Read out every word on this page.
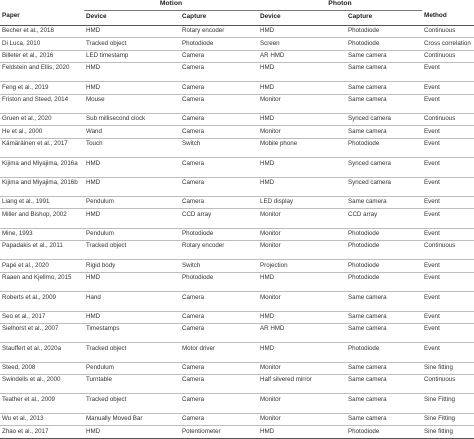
	Motion		Photon		
Paper	Device	Capture	Device	Capture	Method
Becher et al., 2018	HMD	Rotary encoder	HMD	Photodiode	Continuous
Di Luca, 2010	Tracked object	Photodiode	Screen	Photodiode	Cross correlation
Billeter et al., 2016	LED timestamp	Camera	AR HMD	Same camera	Continuous
Feldstein and Ellis, 2020	HMD	Camera	HMD	Same camera	Event
Feng et al., 2019	HMD	Camera	HMD	Same camera	Event
Friston and Steed, 2014	Mouse	Camera	Monitor	Same camera	Event
Gruen et al., 2020	Sub millisecond clock	Camera	HMD	Synced camera	Continuous
He et al., 2000	Wand	Camera	Monitor	Same camera	Event
Kämäräinen et al., 2017	Touch	Switch	Mobile phone	Photodiode	Event
Kijima and Miyajima, 2016a	HMD	Camera	HMD	Synced camera	Event
Kijima and Miyajima, 2016b	HMD	Camera	HMD	Synced camera	Event
Liang et al., 1991	Pendulum	Camera	LED display	Same camera	Event
Miller and Bishop, 2002	HMD	CCD array	Monitor	CCD array	Event
Mine, 1993	Pendulum	Photodiode	Monitor	Photodiode	Event
Papadakis et al., 2011	Tracked object	Rotary encoder	Monitor	Photodiode	Continuous
Papé et al., 2020	Rigid body	Switch	Projection	Photodiode	Event
Raaen and Kjellmo, 2015	HMD	Photodiode	HMD	Photodiode	Event
Roberts et al., 2009	Hand	Camera	Monitor	Same camera	Event
Seo et al., 2017	HMD	Camera	HMD	Same camera	Event
Sielhorst et al., 2007	Timestamps	Camera	AR HMD	Same camera	Event
Stauffert et al., 2020a	Tracked object	Motor driver	HMD	Photodiode	Event
Steed, 2008	Pendulum	Camera	Monitor	Same camera	Sine fitting
Swindells et al., 2000	Turntable	Camera	Half silvered mirror	Same camera	Continuous
Teather et al., 2009	Tracked object	Camera	Monitor	Same camera	Sine Fitting
Wu et al., 2013	Manually Moved Bar	Camera	Monitor	Same camera	Sine Fitting
Zhao et al., 2017	HMD	Potentiometer	HMD	Photodiode	Sine fitting
